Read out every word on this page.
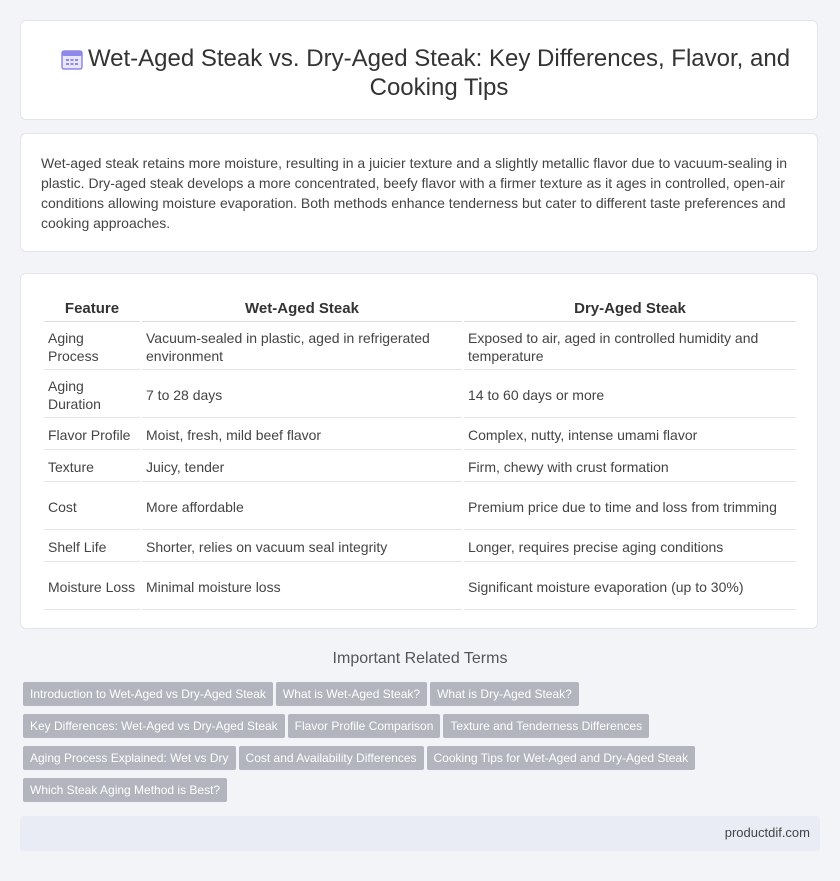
Wet-Aged Steak vs. Dry-Aged Steak: Key Differences, Flavor, and Cooking Tips

Wet-aged steak retains more moisture, resulting in a juicier texture and a slightly metallic flavor due to vacuum-sealing in plastic. Dry-aged steak develops a more concentrated, beefy flavor with a firmer texture as it ages in controlled, open-air conditions allowing moisture evaporation. Both methods enhance tenderness but cater to different taste preferences and cooking approaches.

Feature	Wet-Aged Steak	Dry-Aged Steak
Aging Process	Vacuum-sealed in plastic, aged in refrigerated environment	Exposed to air, aged in controlled humidity and temperature
Aging Duration	7 to 28 days	14 to 60 days or more
Flavor Profile	Moist, fresh, mild beef flavor	Complex, nutty, intense umami flavor
Texture	Juicy, tender	Firm, chewy with crust formation
Cost	More affordable	Premium price due to time and loss from trimming
Shelf Life	Shorter, relies on vacuum seal integrity	Longer, requires precise aging conditions
Moisture Loss	Minimal moisture loss	Significant moisture evaporation (up to 30%)
Important Related Terms
Introduction to Wet-Aged vs Dry-Aged Steak What is Wet-Aged Steak? What is Dry-Aged Steak?
Key Differences: Wet-Aged vs Dry-Aged Steak Flavor Profile Comparison Texture and Tenderness Differences
Aging Process Explained: Wet vs Dry Cost and Availability Differences Cooking Tips for Wet-Aged and Dry-Aged Steak
Which Steak Aging Method is Best?
productdif.com
